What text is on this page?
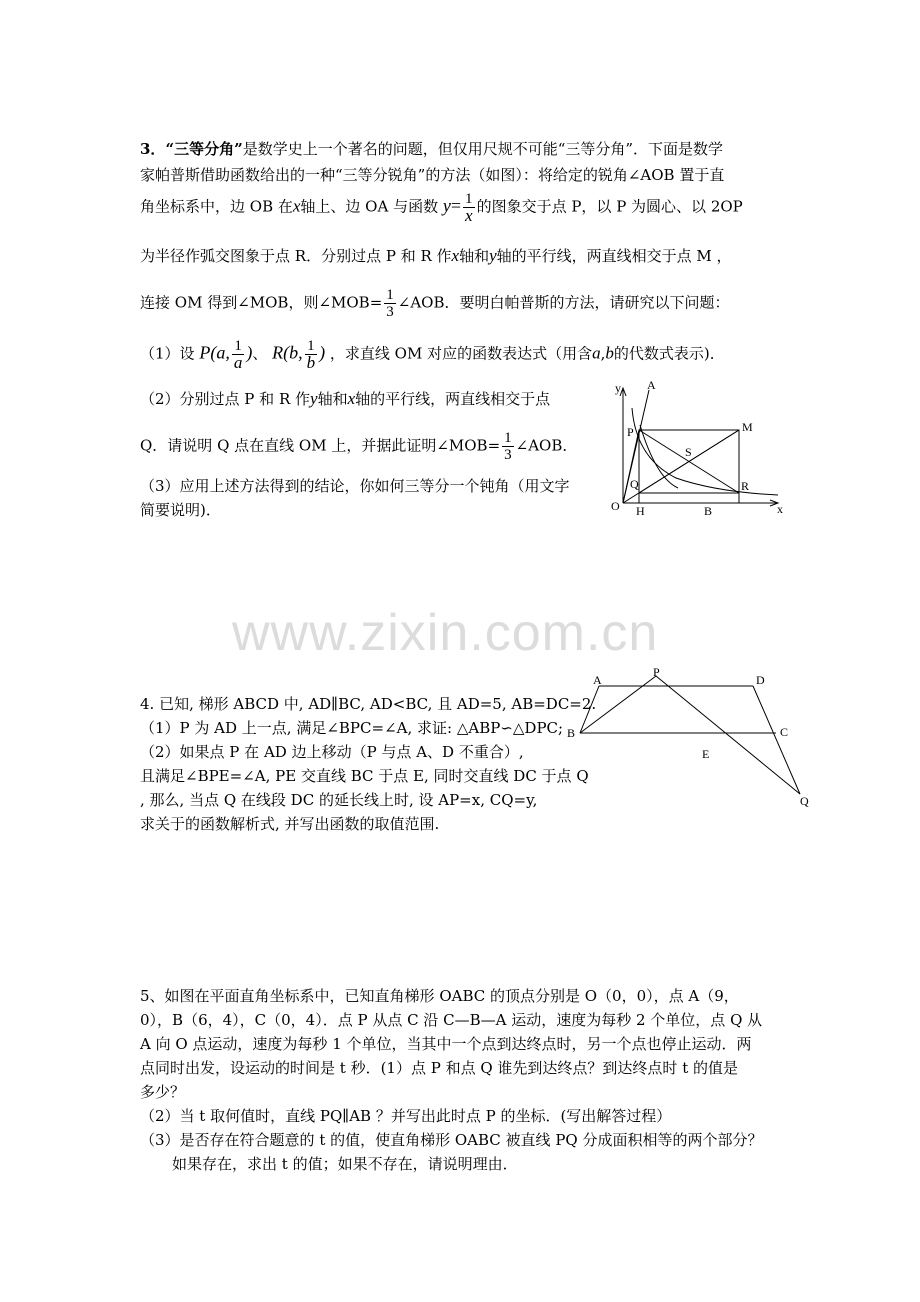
3．“三等分角”是数学史上一个著名的问题，但仅用尺规不可能“三等分角”．下面是数学
家帕普斯借助函数给出的一种“三等分锐角”的方法（如图）：将给定的锐角∠AOB 置于直
角坐标系中，边 OB 在x轴上、边 OA 与函数 $y= \frac{1}{x}$ 的图象交于点 P，以 P 为圆心、以 2OP
为半径作弧交图象于点 R．分别过点 P 和 R 作x轴和y轴的平行线，两直线相交于点 M ，
连接 OM 得到∠MOB，则∠MOB= $\frac{1}{3}$ ∠AOB．要明白帕普斯的方法，请研究以下问题：
（1）设 P(a, $\frac{1}{a}$ )、 R(b, $\frac{1}{b}$ ) ，求直线 OM 对应的函数表达式（用含a,b的代数式表示)．
（2）分别过点 P 和 R 作y轴和x轴的平行线，两直线相交于点
Q．请说明 Q 点在直线 OM 上，并据此证明∠MOB= $\frac{1}{3}$ ∠AOB．
（3）应用上述方法得到的结论，你如何三等分一个钝角（用文字
简要说明)．
y A
P	M
S
Q	R
O H	B	x
www.zixin.com.cn
4. 已知, 梯形 ABCD 中, AD∥BC, AD<BC, 且 AD=5, AB=DC=2.
（1）P 为 AD 上一点, 满足∠BPC=∠A, 求证: △ABP∽△DPC;
（2）如果点 P 在 AD 边上移动（P 与点 A、D 不重合）,
且满足∠BPE=∠A, PE 交直线 BC 于点 E, 同时交直线 DC 于点 Q
, 那么, 当点 Q 在线段 DC 的延长线上时, 设 AP=x, CQ=y,
求关于的函数解析式, 并写出函数的取值范围.
A
P
D
B	C
E
Q
5、如图在平面直角坐标系中，已知直角梯形 OABC 的顶点分别是 O（0，0），点 A（9，
0），B（6，4），C（0，4）．点 P 从点 C 沿 C—B—A 运动，速度为每秒 2 个单位，点 Q 从
A 向 O 点运动，速度为每秒 1 个单位，当其中一个点到达终点时，另一个点也停止运动．两
点同时出发，设运动的时间是 t 秒．(1）点 P 和点 Q 谁先到达终点？到达终点时 t 的值是
多少？
（2）当 t 取何值时，直线 PQ∥AB ？并写出此时点 P 的坐标．(写出解答过程）
（3）是否存在符合题意的 t 的值，使直角梯形 OABC 被直线 PQ 分成面积相等的两个部分？
如果存在，求出 t 的值；如果不存在，请说明理由．
